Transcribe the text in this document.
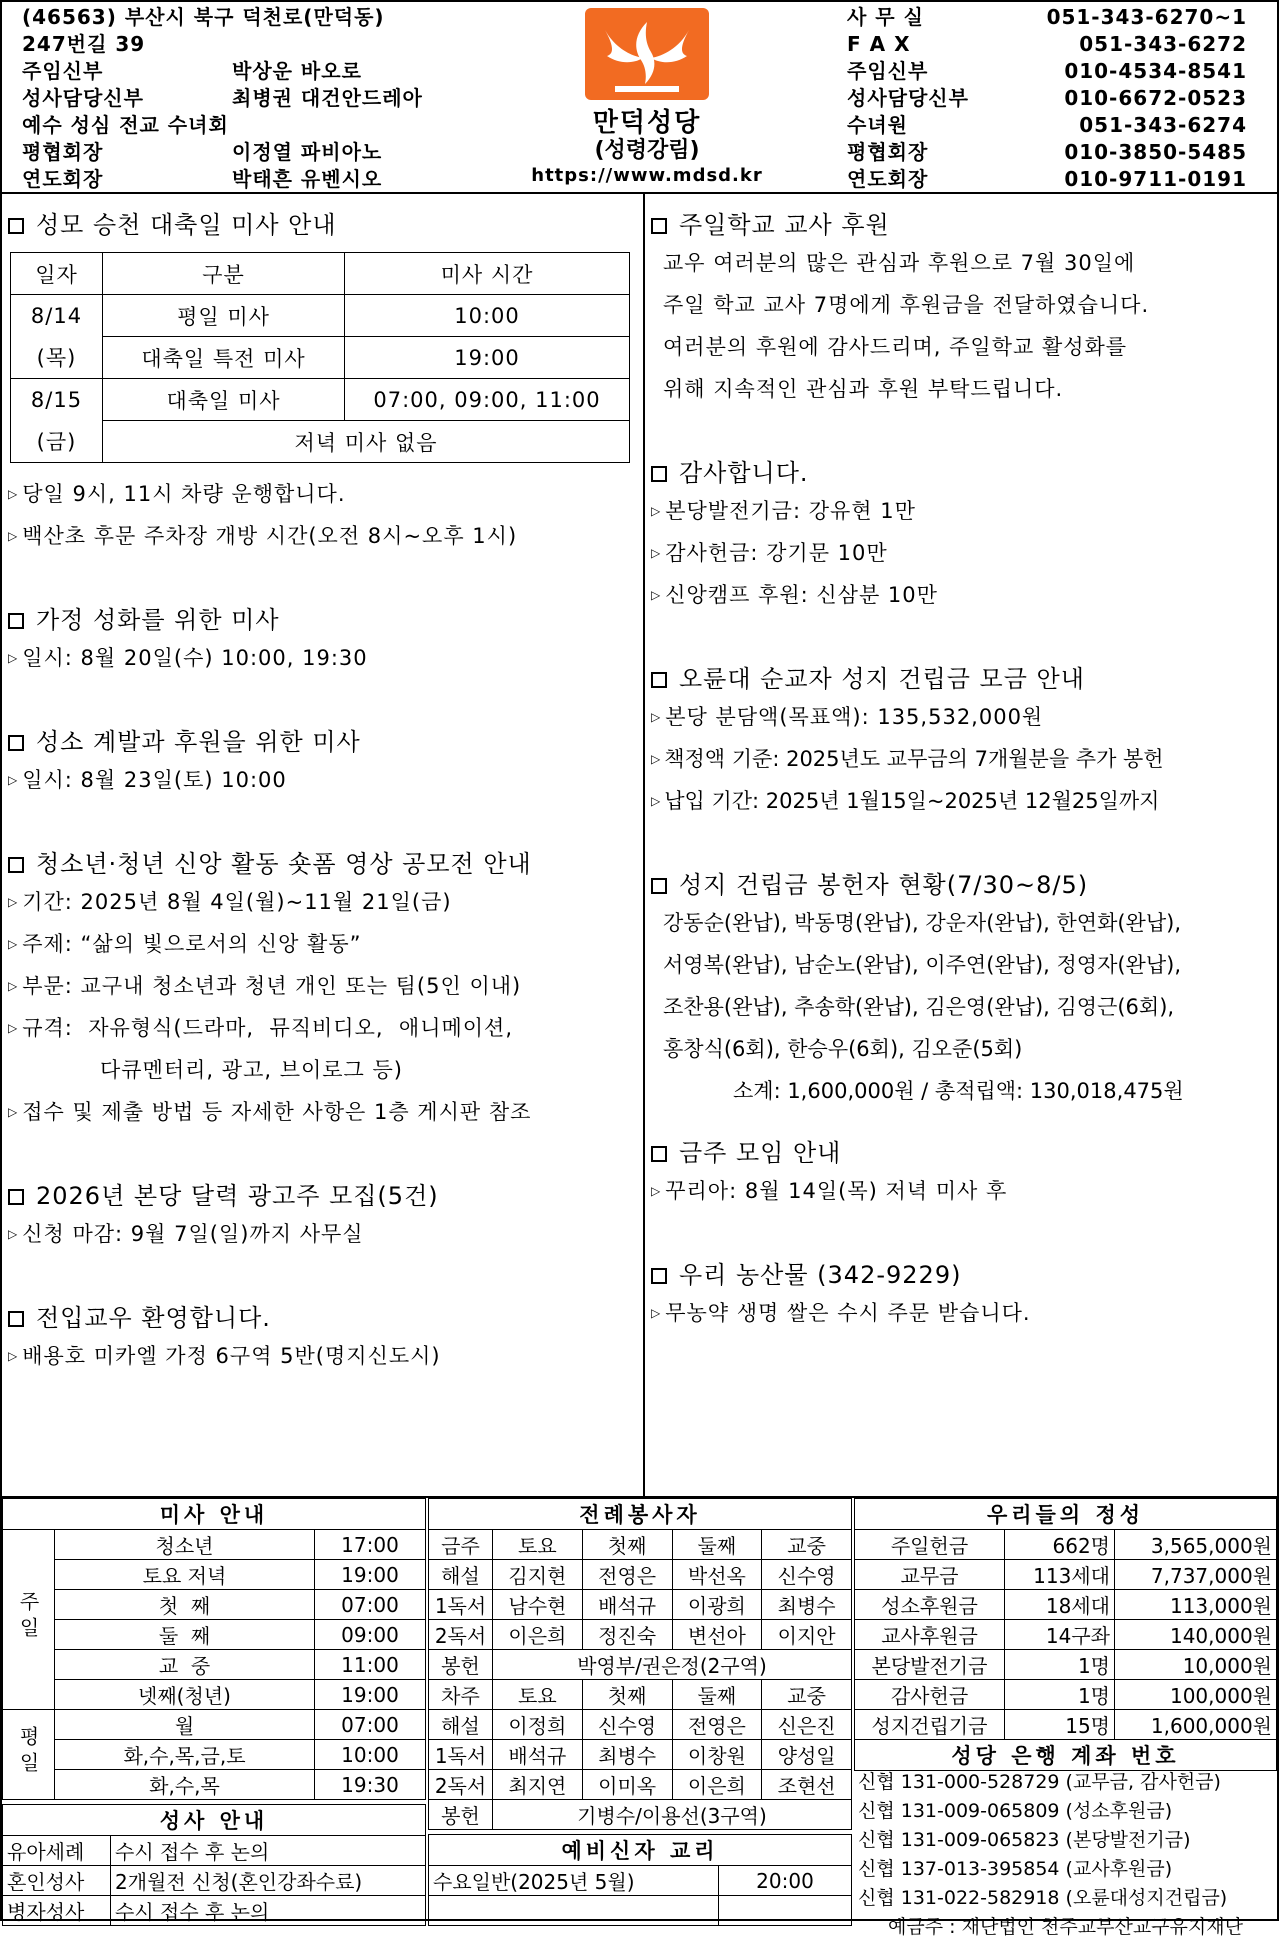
(46563) 부산시 북구 덕천로(만덕동)
247번길 39
주임신부	박상운 바오로
성사담당신부	최병권 대건안드레아
예수 성심 전교 수녀회
평협회장	이정열 파비아노
연도회장	박태흔 유벤시오
만덕성당
(성령강림)
https://www.mdsd.kr
사 무 실	051-343-6270~1
F A X	051-343-6272
주임신부	010-4534-8541
성사담당신부	010-6672-0523
수녀원	051-343-6274
평협회장	010-3850-5485
연도회장	010-9711-0191
성모 승천 대축일 미사 안내
일자	구분	미사 시간
8/14	평일 미사	10:00
(목)	대축일 특전 미사	19:00
8/15	대축일 미사	07:00, 09:00, 11:00
(금)	저녁 미사 없음	
▷ 당일 9시, 11시 차량 운행합니다.
▷ 백산초 후문 주차장 개방 시간(오전 8시~오후 1시)
가정 성화를 위한 미사
▷ 일시: 8월 20일(수) 10:00, 19:30
성소 계발과 후원을 위한 미사
▷ 일시: 8월 23일(토) 10:00
청소년·청년 신앙 활동 숏폼 영상 공모전 안내
▷ 기간: 2025년 8월 4일(월)~11월 21일(금)
▷ 주제: “삶의 빛으로서의 신앙 활동”
▷ 부문: 교구내 청소년과 청년 개인 또는 팀(5인 이내)
▷ 규격:  자유형식(드라마,  뮤직비디오,  애니메이션,
다큐멘터리, 광고, 브이로그 등)
▷ 접수 및 제출 방법 등 자세한 사항은 1층 게시판 참조
2026년 본당 달력 광고주 모집(5건)
▷ 신청 마감: 9월 7일(일)까지 사무실
전입교우 환영합니다.
▷ 배용호 미카엘 가정 6구역 5반(명지신도시)
주일학교 교사 후원
교우 여러분의 많은 관심과 후원으로 7월 30일에
주일 학교 교사 7명에게 후원금을 전달하였습니다.
여러분의 후원에 감사드리며, 주일학교 활성화를
위해 지속적인 관심과 후원 부탁드립니다.
감사합니다.
▷ 본당발전기금: 강유현 1만
▷ 감사헌금: 강기문 10만
▷ 신앙캠프 후원: 신삼분 10만
오륜대 순교자 성지 건립금 모금 안내
▷ 본당 분담액(목표액): 135,532,000원
▷ 책정액 기준: 2025년도 교무금의 7개월분을 추가 봉헌
▷ 납입 기간: 2025년 1월15일~2025년 12월25일까지
성지 건립금 봉헌자 현황(7/30~8/5)
강동순(완납), 박동명(완납), 강운자(완납), 한연화(완납),
서영복(완납), 남순노(완납), 이주연(완납), 정영자(완납),
조찬용(완납), 추송학(완납), 김은영(완납), 김영근(6회),
홍창식(6회), 한승우(6회), 김오준(5회)
소계: 1,600,000원 / 총적립액: 130,018,475원
금주 모임 안내
▷ 꾸리아: 8월 14일(목) 저녁 미사 후
우리 농산물 (342-9229)
▷ 무농약 생명 쌀은 수시 주문 받습니다.
미사 안내		
주일	청소년	17:00
	토요 저녁	19:00
	첫  째	07:00
	둘  째	09:00
	교  중	11:00
	넷째(청년)	19:00
평일	월	07:00
	화,수,목,금,토	10:00
	화,수,목	19:30
성사 안내	
유아세례	수시 접수 후 논의
혼인성사	2개월전 신청(혼인강좌수료)
병자성사	수시 접수 후 논의
전례봉사자				
금주	토요	첫째	둘째	교중
해설	김지현	전영은	박선옥	신수영
1독서	남수현	배석규	이광희	최병수
2독서	이은희	정진숙	변선아	이지안
봉헌	박영부/권은정(2구역)			
차주	토요	첫째	둘째	교중
해설	이정희	신수영	전영은	신은진
1독서	배석규	최병수	이창원	양성일
2독서	최지연	이미옥	이은희	조현선
봉헌	기병수/이용선(3구역)			
예비신자 교리	
수요일반(2025년 5월)	20:00

우리들의 정성		
주일헌금	662명	3,565,000원
교무금	113세대	7,737,000원
성소후원금	18세대	113,000원
교사후원금	14구좌	140,000원
본당발전기금	1명	10,000원
감사헌금	1명	100,000원
성지건립기금	15명	1,600,000원
성당 은행 계좌 번호		
신협 131-000-528729 (교무금, 감사헌금)
신협 131-009-065809 (성소후원금)
신협 131-009-065823 (본당발전기금)
신협 137-013-395854 (교사후원금)
신협 131-022-582918 (오륜대성지건립금)
예금주 : 재단법인 천주교부산교구유지재단
